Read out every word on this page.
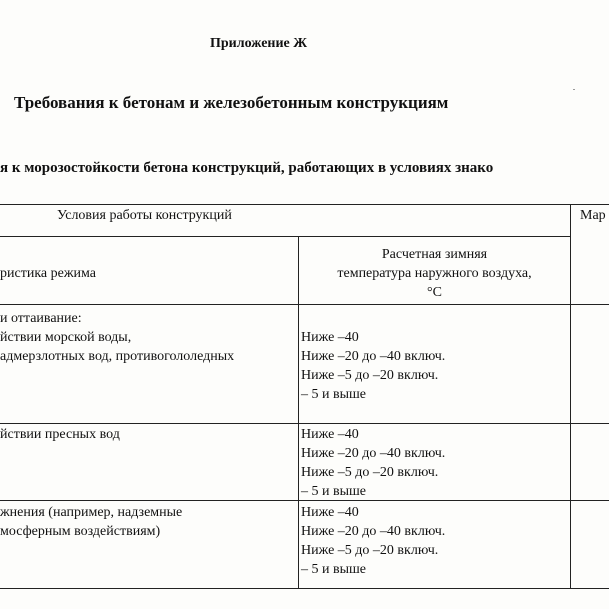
Приложение Ж
Требования к бетонам и железобетонным конструкциям
я к морозостойкости бетона конструкций, работающих в условиях знако
Условия работы конструкций	Мар
ристика режима
Расчетная зимняя
температура наружного воздуха,
°С
и оттаивание:
йствии морской воды,
адмерзлотных вод, противогололедных
Ниже –40
Ниже –20 до –40 включ.
Ниже –5 до –20 включ.
– 5 и выше
йствии пресных вод	Ниже –40
Ниже –20 до –40 включ.
Ниже –5 до –20 включ.
– 5 и выше
жнения (например, надземные
мосферным воздействиям)
Ниже –40
Ниже –20 до –40 включ.
Ниже –5 до –20 включ.
– 5 и выше
